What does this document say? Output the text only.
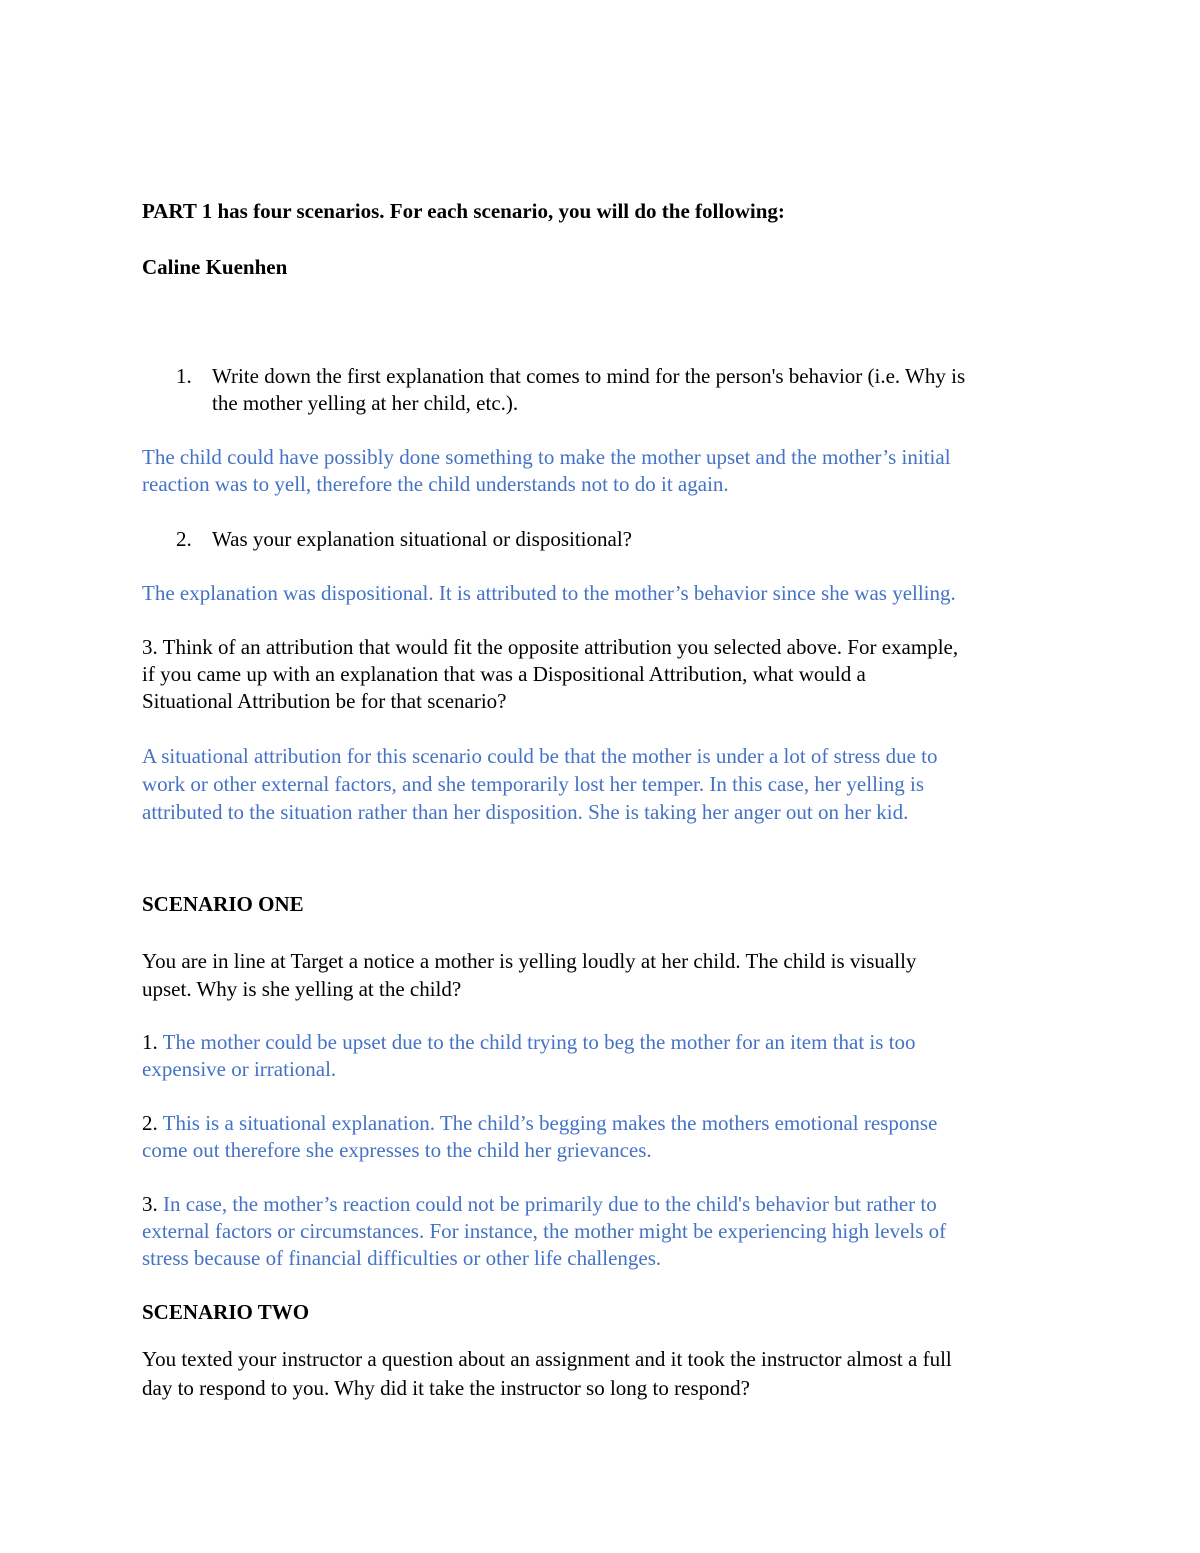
PART 1 has four scenarios. For each scenario, you will do the following:
Caline Kuenhen
1. Write down the first explanation that comes to mind for the person's behavior (i.e. Why is
the mother yelling at her child, etc.).
The child could have possibly done something to make the mother upset and the mother’s initial
reaction was to yell, therefore the child understands not to do it again.
2. Was your explanation situational or dispositional?
The explanation was dispositional. It is attributed to the mother’s behavior since she was yelling.
3. Think of an attribution that would fit the opposite attribution you selected above. For example,
if you came up with an explanation that was a Dispositional Attribution, what would a
Situational Attribution be for that scenario?
A situational attribution for this scenario could be that the mother is under a lot of stress due to
work or other external factors, and she temporarily lost her temper. In this case, her yelling is
attributed to the situation rather than her disposition. She is taking her anger out on her kid.
SCENARIO ONE
You are in line at Target a notice a mother is yelling loudly at her child. The child is visually
upset. Why is she yelling at the child?
1. The mother could be upset due to the child trying to beg the mother for an item that is too
expensive or irrational.
2. This is a situational explanation. The child’s begging makes the mothers emotional response
come out therefore she expresses to the child her grievances.
3. In case, the mother’s reaction could not be primarily due to the child's behavior but rather to
external factors or circumstances. For instance, the mother might be experiencing high levels of
stress because of financial difficulties or other life challenges.
SCENARIO TWO
You texted your instructor a question about an assignment and it took the instructor almost a full
day to respond to you. Why did it take the instructor so long to respond?
